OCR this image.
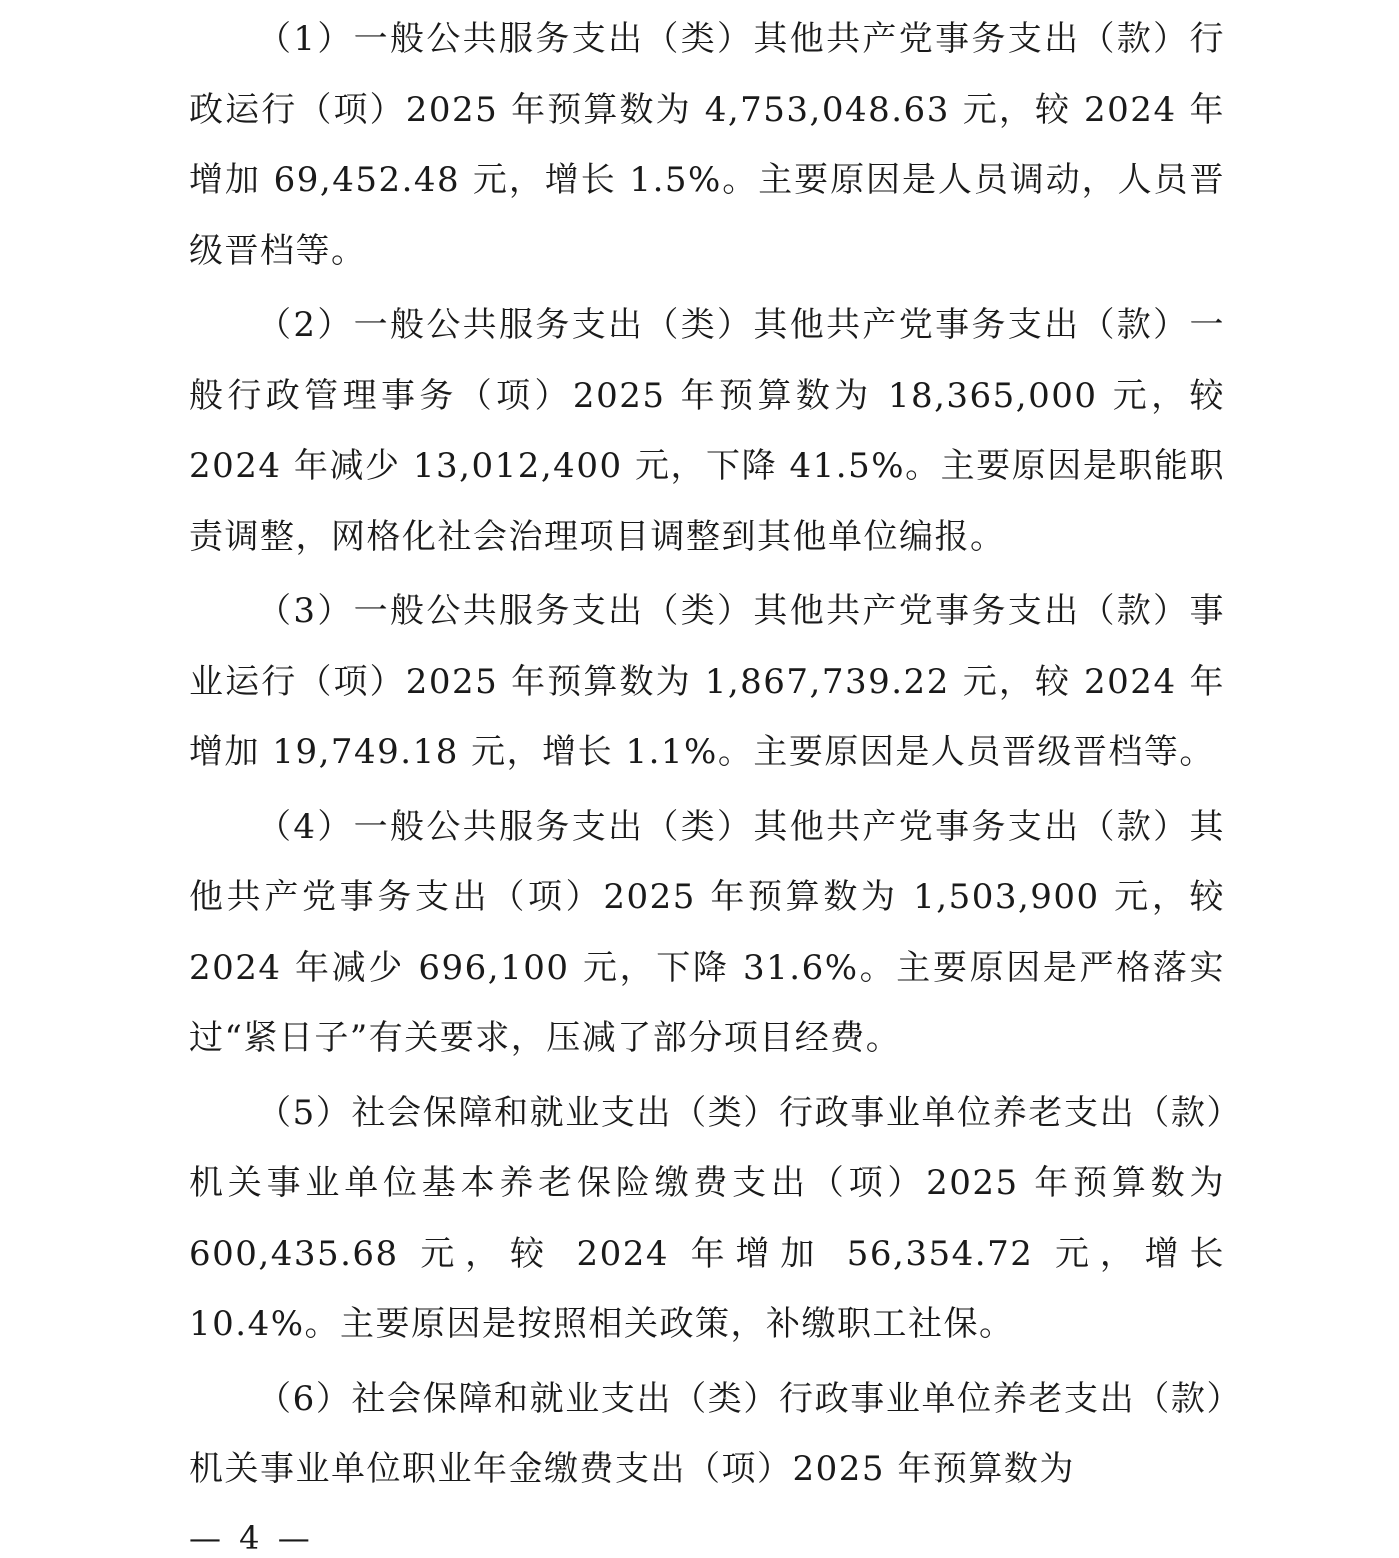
（1）一般公共服务支出（类）其他共产党事务支出（款）行政运行（项）2025 年预算数为 4,753,048.63 元，较 2024 年增加 69,452.48 元，增长 1.5%。主要原因是人员调动，人员晋级晋档等。

（2）一般公共服务支出（类）其他共产党事务支出（款）一般行政管理事务（项）2025 年预算数为 18,365,000 元，较 2024 年减少 13,012,400 元，下降 41.5%。主要原因是职能职责调整，网格化社会治理项目调整到其他单位编报。

（3）一般公共服务支出（类）其他共产党事务支出（款）事业运行（项）2025 年预算数为 1,867,739.22 元，较 2024 年增加 19,749.18 元，增长 1.1%。主要原因是人员晋级晋档等。

（4）一般公共服务支出（类）其他共产党事务支出（款）其他共产党事务支出（项）2025 年预算数为 1,503,900 元，较 2024 年减少 696,100 元，下降 31.6%。主要原因是严格落实过“紧日子”有关要求，压减了部分项目经费。

（5）社会保障和就业支出（类）行政事业单位养老支出（款）机关事业单位基本养老保险缴费支出（项）2025 年预算数为 600,435.68 元，较 2024 年增加 56,354.72 元，增长 10.4%。主要原因是按照相关政策，补缴职工社保。

（6）社会保障和就业支出（类）行政事业单位养老支出（款）机关事业单位职业年金缴费支出（项）2025 年预算数为

— 4 —
